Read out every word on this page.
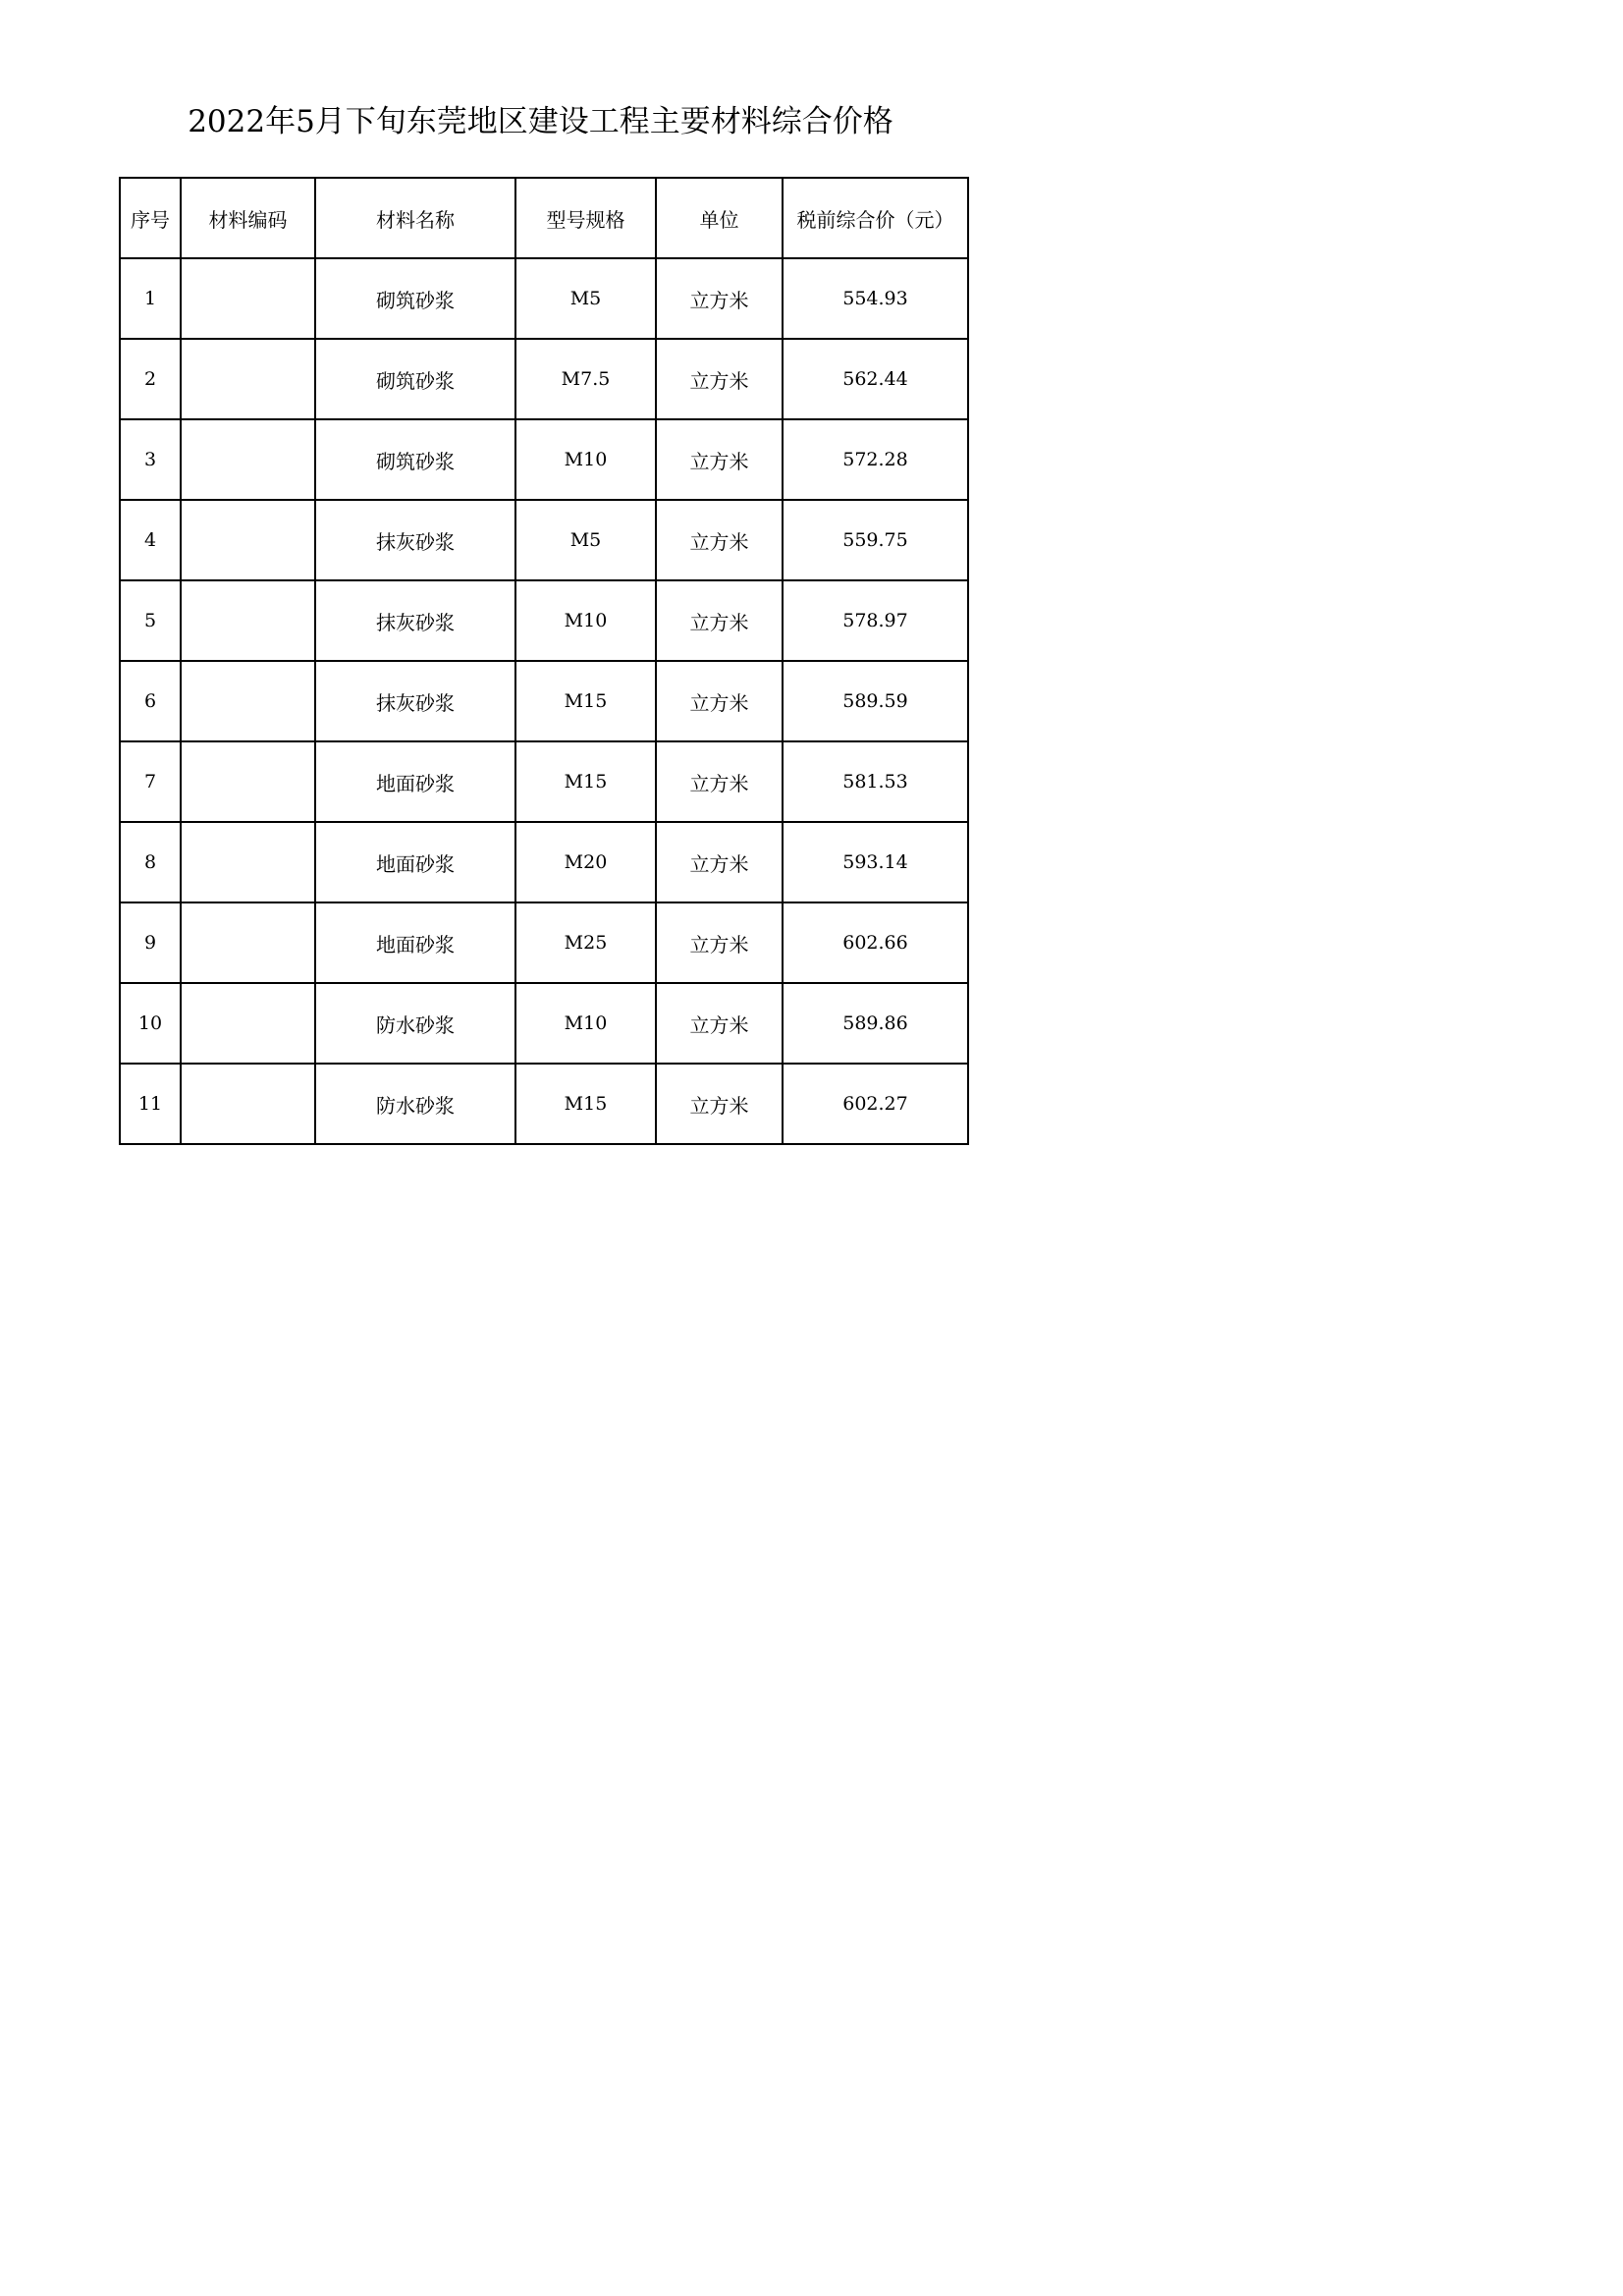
2022年5月下旬东莞地区建设工程主要材料综合价格
序号	材料编码	材料名称	型号规格	单位	税前综合价（元）
1		砌筑砂浆	M5	立方米	554.93
2		砌筑砂浆	M7.5	立方米	562.44
3		砌筑砂浆	M10	立方米	572.28
4		抹灰砂浆	M5	立方米	559.75
5		抹灰砂浆	M10	立方米	578.97
6		抹灰砂浆	M15	立方米	589.59
7		地面砂浆	M15	立方米	581.53
8		地面砂浆	M20	立方米	593.14
9		地面砂浆	M25	立方米	602.66
10		防水砂浆	M10	立方米	589.86
11		防水砂浆	M15	立方米	602.27
